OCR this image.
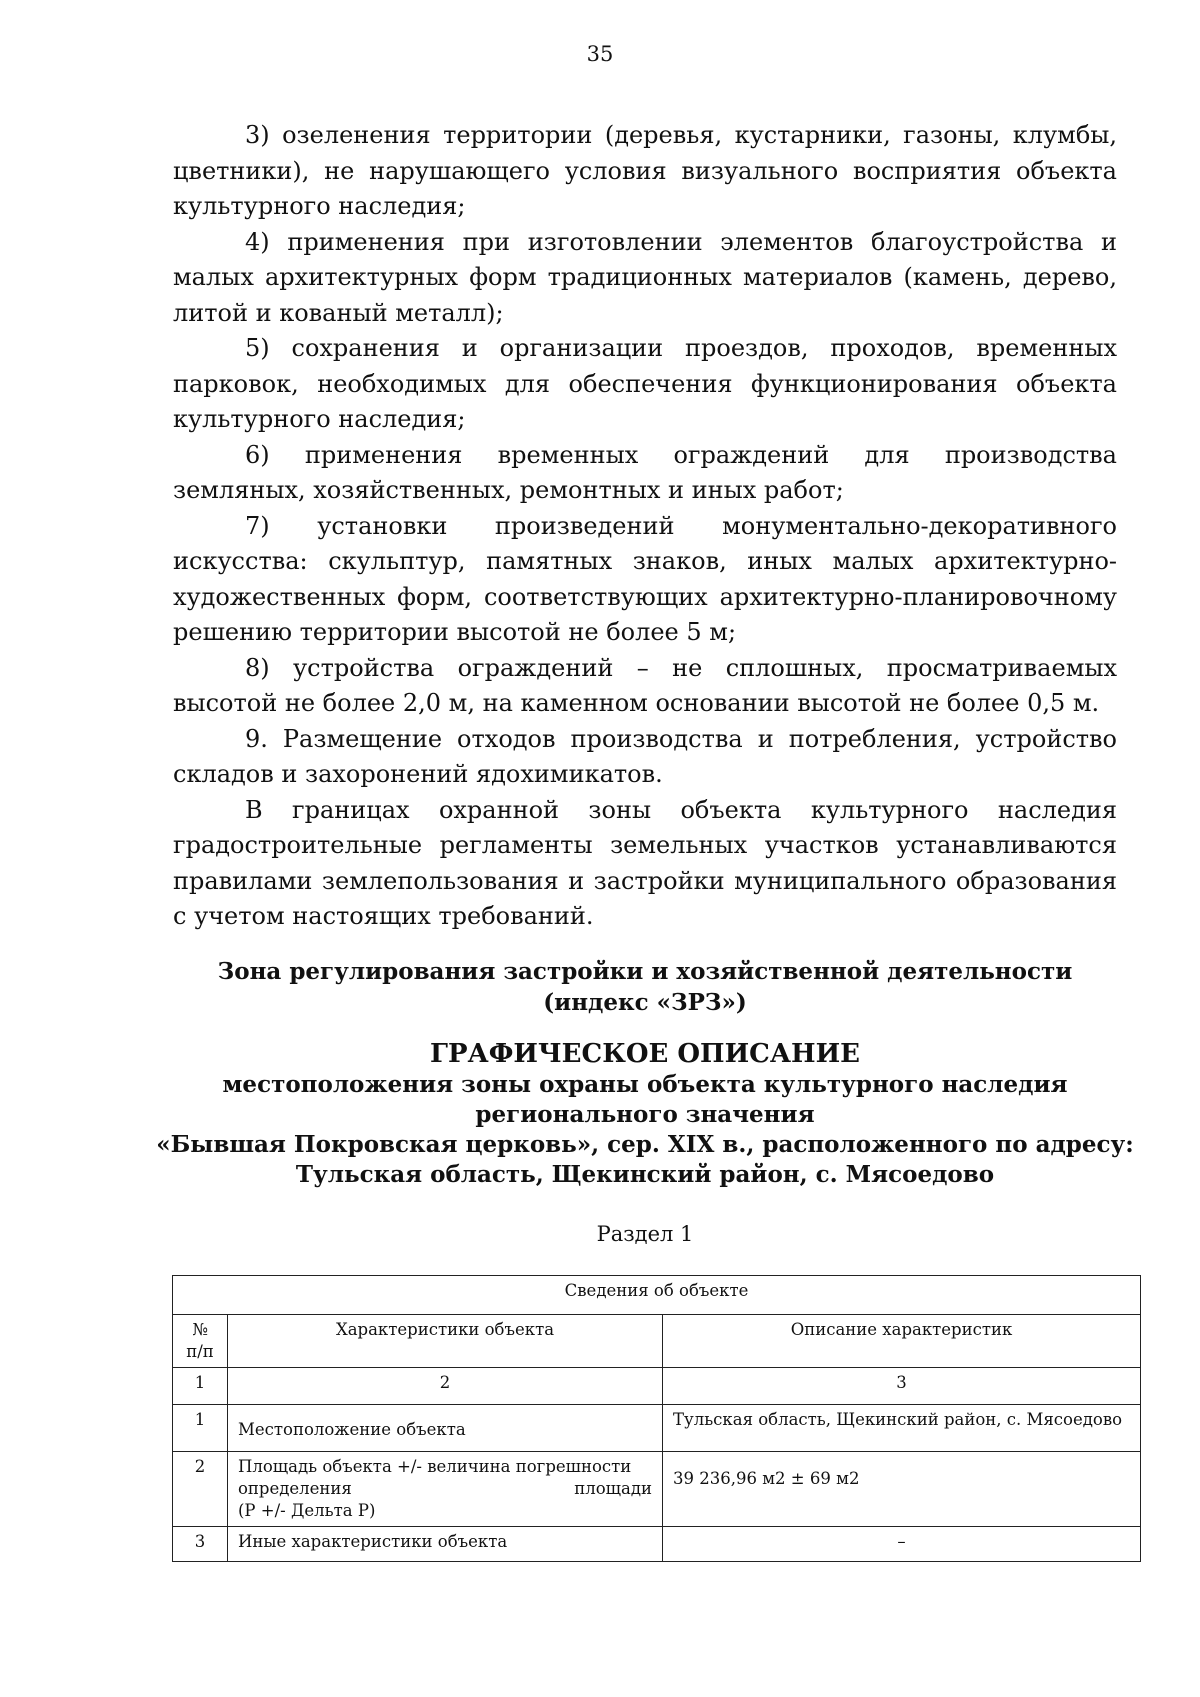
35

3) озеленения территории (деревья, кустарники, газоны, клумбы, цветники), не нарушающего условия визуального восприятия объекта культурного наследия;

4) применения при изготовлении элементов благоустройства и малых архитектурных форм традиционных материалов (камень, дерево, литой и кованый металл);

5) сохранения и организации проездов, проходов, временных парковок, необходимых для обеспечения функционирования объекта культурного наследия;

6) применения временных ограждений для производства земляных, хозяйственных, ремонтных и иных работ;

7) установки произведений монументально-декоративного искусства: скульптур, памятных знаков, иных малых архитектурно-художественных форм, соответствующих архитектурно-планировочному решению территории высотой не более 5 м;

8) устройства ограждений – не сплошных, просматриваемых высотой не более 2,0 м, на каменном основании высотой не более 0,5 м.

9. Размещение отходов производства и потребления, устройство складов и захоронений ядохимикатов.

В границах охранной зоны объекта культурного наследия градостроительные регламенты земельных участков устанавливаются правилами землепользования и застройки муниципального образования с учетом настоящих требований.

Зона регулирования застройки и хозяйственной деятельности
(индекс «ЗРЗ»)
ГРАФИЧЕСКОЕ ОПИСАНИЕ
местоположения зоны охраны объекта культурного наследия
регионального значения
«Бывшая Покровская церковь», сер. XIX в., расположенного по адресу:
Тульская область, Щекинский район, с. Мясоедово
Раздел 1
Сведения об объекте		

№
п/п	Характеристики объекта	Описание характеристик
1	2	3
1	Местоположение объекта	Тульская область, Щекинский район, с. Мясоедово
2	Площадь объекта +/- величина погрешности
определения площади
(P +/- Дельта P)	39 236,96 м2 ± 69 м2

3	Иные характеристики объекта	–
